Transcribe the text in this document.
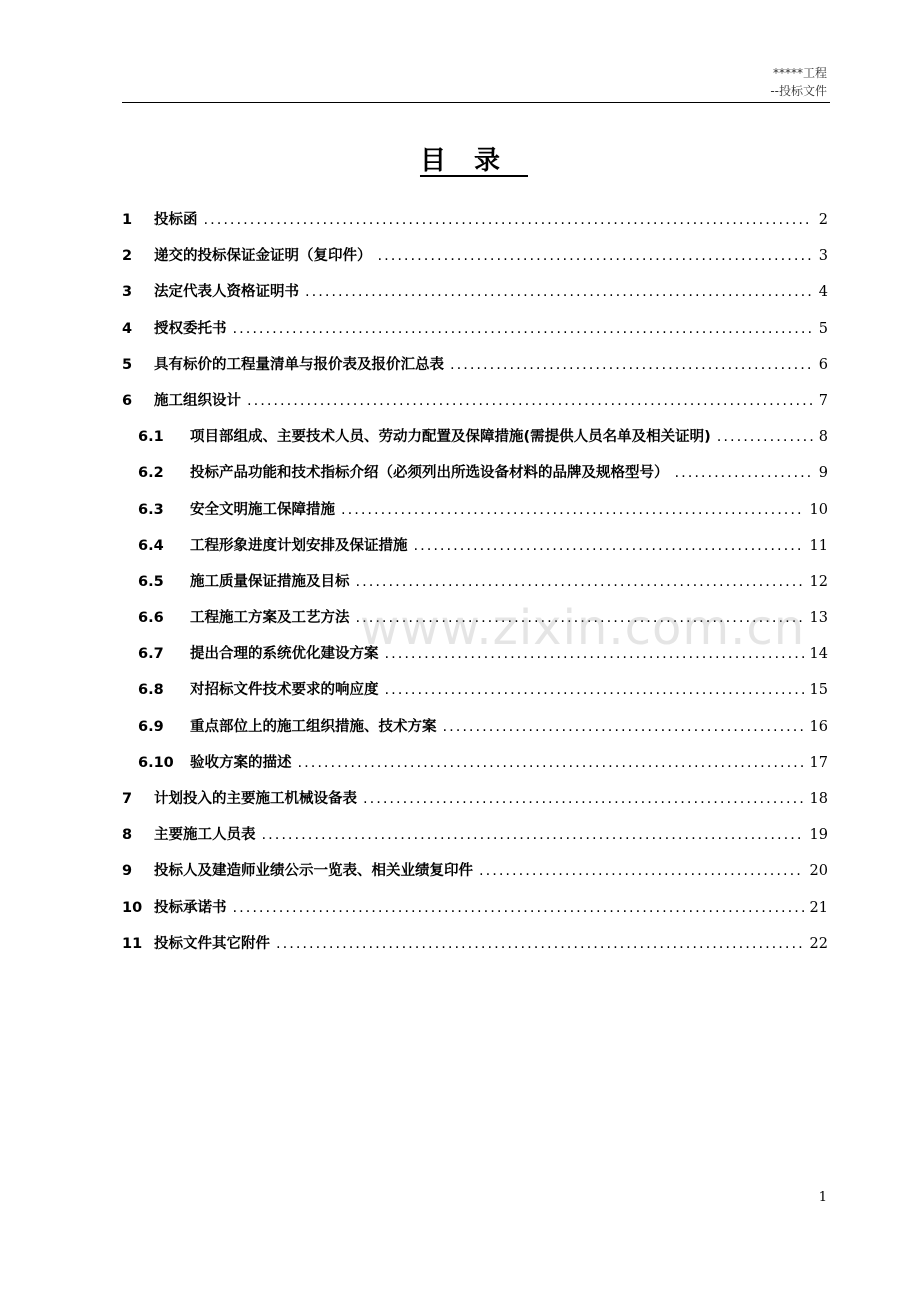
*****工程
--投标文件
目录
1	投标函 .....	2
2	递交的投标保证金证明（复印件） .....	3
3	法定代表人资格证明书 .....	4
4	授权委托书 .....	5
5	具有标价的工程量清单与报价表及报价汇总表 .....	6
6	施工组织设计 .....	7
6.1	项目部组成、主要技术人员、劳动力配置及保障措施(需提供人员名单及相关证明) .....	8
6.2	投标产品功能和技术指标介绍（必须列出所选设备材料的品牌及规格型号） .....	9
6.3	安全文明施工保障措施 .....	10
6.4	工程形象进度计划安排及保证措施 .....	11
6.5	施工质量保证措施及目标 .....	12
6.6	工程施工方案及工艺方法 .....	13
6.7	提出合理的系统优化建设方案 .....	14
6.8	对招标文件技术要求的响应度 .....	15
6.9	重点部位上的施工组织措施、技术方案 .....	16
6.10	验收方案的描述 .....	17
7	计划投入的主要施工机械设备表 .....	18
8	主要施工人员表 .....	19
9	投标人及建造师业绩公示一览表、相关业绩复印件 .....	20
10 投标承诺书 .....	21
11 投标文件其它附件 .....	22
www.zixin.com.cn
1
